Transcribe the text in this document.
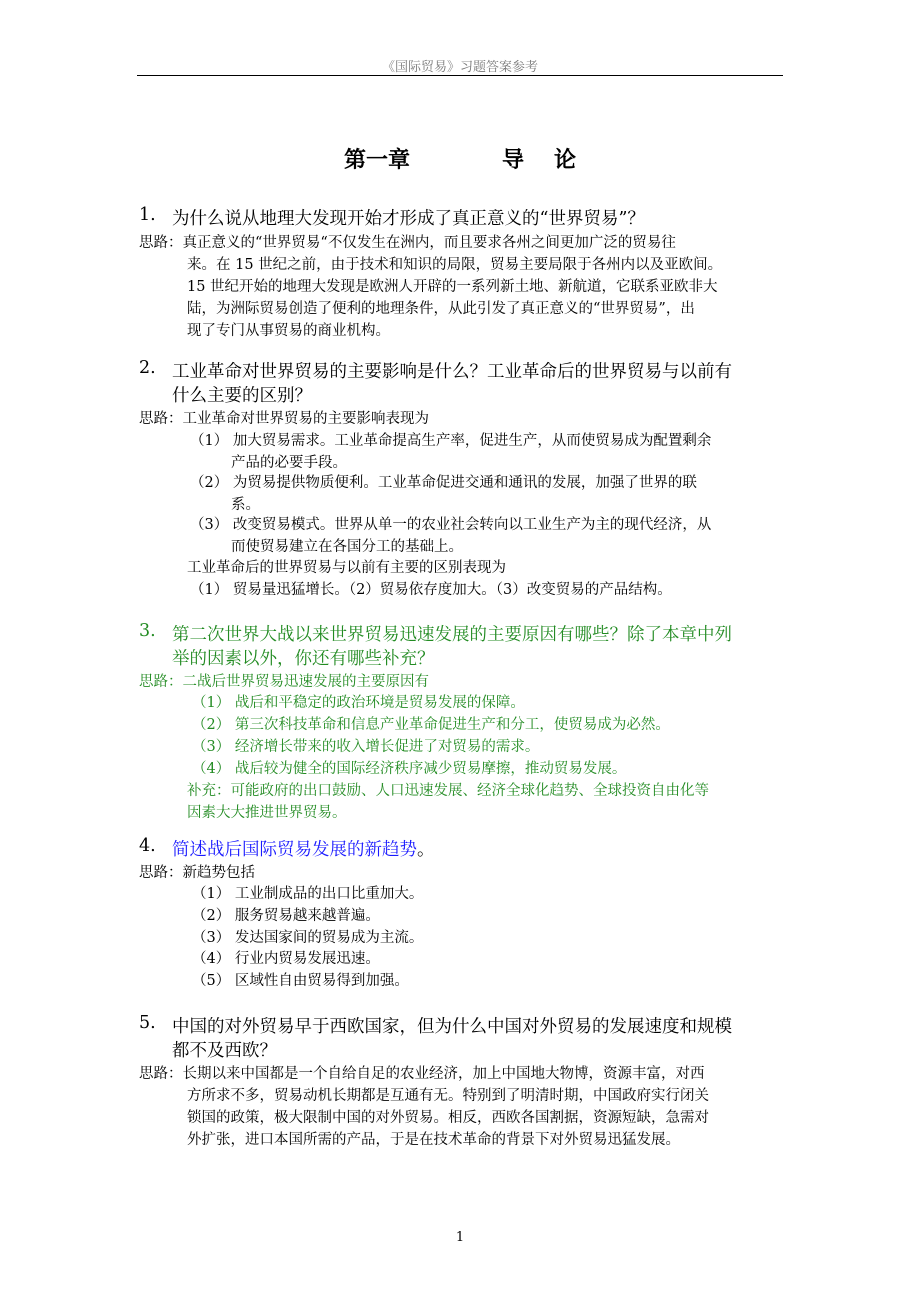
《国际贸易》习题答案参考
第一章	导 论
1. 为什么说从地理大发现开始才形成了真正意义的“世界贸易”？
思路：真正意义的“世界贸易“不仅发生在洲内，而且要求各州之间更加广泛的贸易往
来。在 15 世纪之前，由于技术和知识的局限，贸易主要局限于各州内以及亚欧间。
15 世纪开始的地理大发现是欧洲人开辟的一系列新土地、新航道，它联系亚欧非大
陆，为洲际贸易创造了便利的地理条件，从此引发了真正意义的“世界贸易”，出
现了专门从事贸易的商业机构。
2. 工业革命对世界贸易的主要影响是什么？工业革命后的世界贸易与以前有
什么主要的区别？
思路：工业革命对世界贸易的主要影响表现为
（1） 加大贸易需求。工业革命提高生产率，促进生产，从而使贸易成为配置剩余
产品的必要手段。
（2） 为贸易提供物质便利。工业革命促进交通和通讯的发展，加强了世界的联
系。
（3） 改变贸易模式。世界从单一的农业社会转向以工业生产为主的现代经济，从
而使贸易建立在各国分工的基础上。
工业革命后的世界贸易与以前有主要的区别表现为
（1） 贸易量迅猛增长。（2）贸易依存度加大。（3）改变贸易的产品结构。
3. 第二次世界大战以来世界贸易迅速发展的主要原因有哪些？除了本章中列
举的因素以外，你还有哪些补充？
思路：二战后世界贸易迅速发展的主要原因有
（1） 战后和平稳定的政治环境是贸易发展的保障。
（2） 第三次科技革命和信息产业革命促进生产和分工，使贸易成为必然。
（3） 经济增长带来的收入增长促进了对贸易的需求。
（4） 战后较为健全的国际经济秩序减少贸易摩擦，推动贸易发展。
补充：可能政府的出口鼓励、人口迅速发展、经济全球化趋势、全球投资自由化等
因素大大推进世界贸易。
4. 简述战后国际贸易发展的新趋势。
思路：新趋势包括
（1） 工业制成品的出口比重加大。
（2） 服务贸易越来越普遍。
（3） 发达国家间的贸易成为主流。
（4） 行业内贸易发展迅速。
（5） 区域性自由贸易得到加强。
5. 中国的对外贸易早于西欧国家，但为什么中国对外贸易的发展速度和规模
都不及西欧？
思路：长期以来中国都是一个自给自足的农业经济，加上中国地大物博，资源丰富，对西
方所求不多，贸易动机长期都是互通有无。特别到了明清时期，中国政府实行闭关
锁国的政策，极大限制中国的对外贸易。相反，西欧各国割据，资源短缺，急需对
外扩张，进口本国所需的产品，于是在技术革命的背景下对外贸易迅猛发展。
1
